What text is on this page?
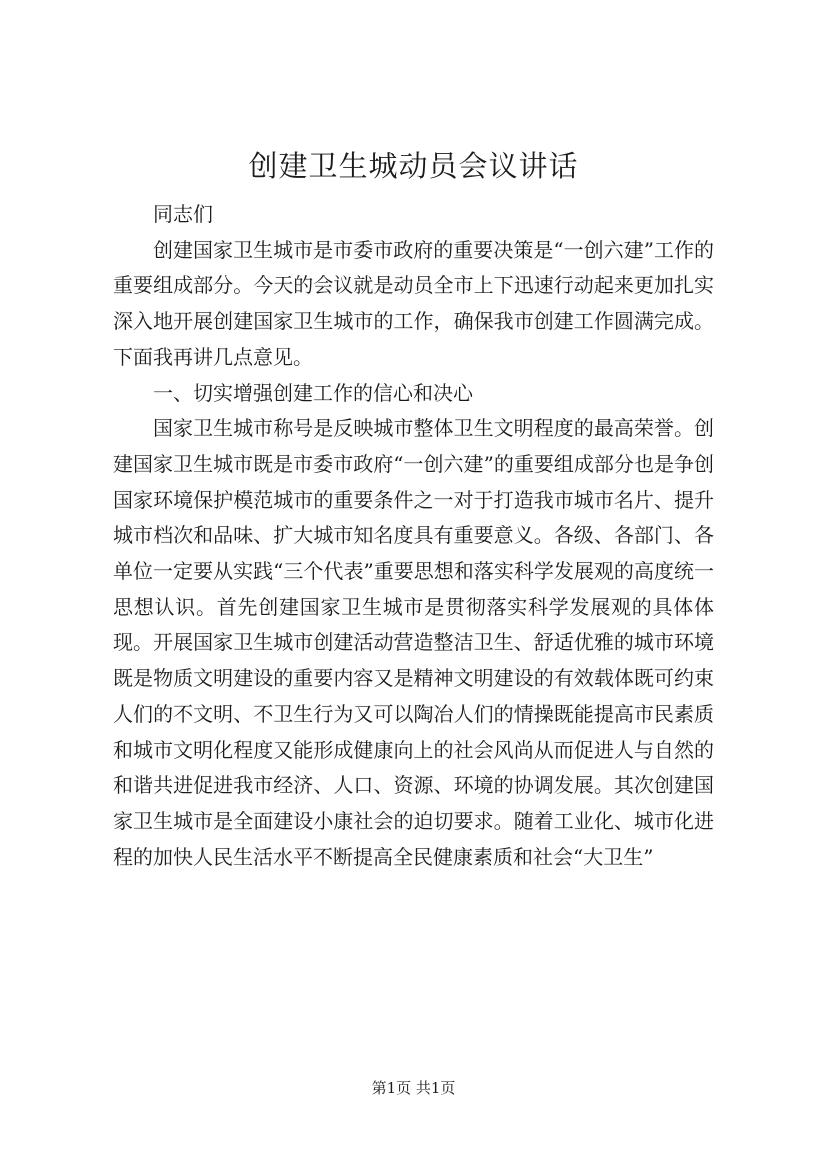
创建卫生城动员会议讲话

同志们

创建国家卫生城市是市委市政府的重要决策是“一创六建”工作的重要组成部分。今天的会议就是动员全市上下迅速行动起来更加扎实深入地开展创建国家卫生城市的工作，确保我市创建工作圆满完成。下面我再讲几点意见。

一、切实增强创建工作的信心和决心

国家卫生城市称号是反映城市整体卫生文明程度的最高荣誉。创建国家卫生城市既是市委市政府“一创六建”的重要组成部分也是争创国家环境保护模范城市的重要条件之一对于打造我市城市名片、提升城市档次和品味、扩大城市知名度具有重要意义。各级、各部门、各单位一定要从实践“三个代表”重要思想和落实科学发展观的高度统一思想认识。首先创建国家卫生城市是贯彻落实科学发展观的具体体现。开展国家卫生城市创建活动营造整洁卫生、舒适优雅的城市环境既是物质文明建设的重要内容又是精神文明建设的有效载体既可约束人们的不文明、不卫生行为又可以陶冶人们的情操既能提高市民素质和城市文明化程度又能形成健康向上的社会风尚从而促进人与自然的和谐共进促进我市经济、人口、资源、环境的协调发展。其次创建国家卫生城市是全面建设小康社会的迫切要求。随着工业化、城市化进程的加快人民生活水平不断提高全民健康素质和社会“大卫生”

第1页 共1页
